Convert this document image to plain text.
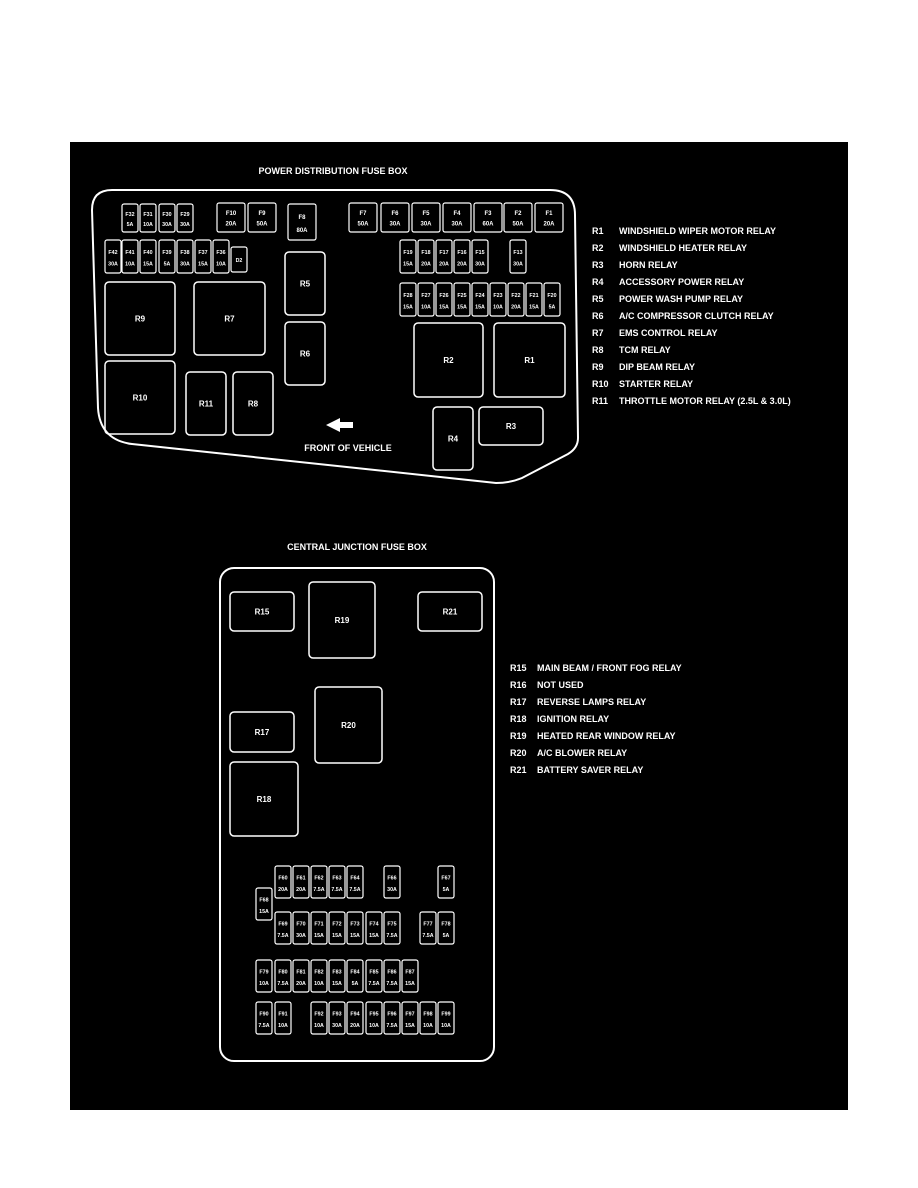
POWER DISTRIBUTION FUSE BOX
F32
5A
F31
10A
F30
30A
F29
30A
F10
20A
F9
50A
F8
80A
F7
50A
F6
30A
F5
30A
F4
30A
F3
60A
F2
50A
F1
20A
F42
30A
F41
10A
F40
15A
F39
5A
F38
30A
F37
15A
F36
10A
D2
F19
15A
F18
20A
F17
20A
F16
20A
F15
30A
F13
30A
F28
15A
F27
10A
F26
15A
F25
15A
F24
15A
F23
10A
F22
20A
F21
15A
F20
5A
R9	R7
R5
R6
R10
R11	R8
R2	R1
R4
R3
FRONT OF VEHICLE
CENTRAL JUNCTION FUSE BOX
R15
R19
R21
R17
R20
R18
F60
20A
F61
20A
F62
7.5A
F63
7.5A
F64
7.5A
F66
30A
F67
5A
F68
15A
F69
7.5A
F70
30A
F71
15A
F72
15A
F73
15A
F74
15A
F75
7.5A
F77
7.5A
F78
5A
F79
10A
F80
7.5A
F81
20A
F82
10A
F83
15A
F84
5A
F85
7.5A
F86
7.5A
F87
15A
F90
7.5A
F91
10A
F92
10A
F93
30A
F94
20A
F95
10A
F96
7.5A
F97
15A
F98
10A
F99
10A
R1 WINDSHIELD WIPER MOTOR RELAY
R2 WINDSHIELD HEATER RELAY
R3 HORN RELAY
R4 ACCESSORY POWER RELAY
R5 POWER WASH PUMP RELAY
R6 A/C COMPRESSOR CLUTCH RELAY
R7 EMS CONTROL RELAY
R8 TCM RELAY
R9 DIP BEAM RELAY
R10 STARTER RELAY
R11 THROTTLE MOTOR RELAY (2.5L & 3.0L)
R15 MAIN BEAM / FRONT FOG RELAY
R16 NOT USED
R17 REVERSE LAMPS RELAY
R18 IGNITION RELAY
R19 HEATED REAR WINDOW RELAY
R20 A/C BLOWER RELAY
R21 BATTERY SAVER RELAY
